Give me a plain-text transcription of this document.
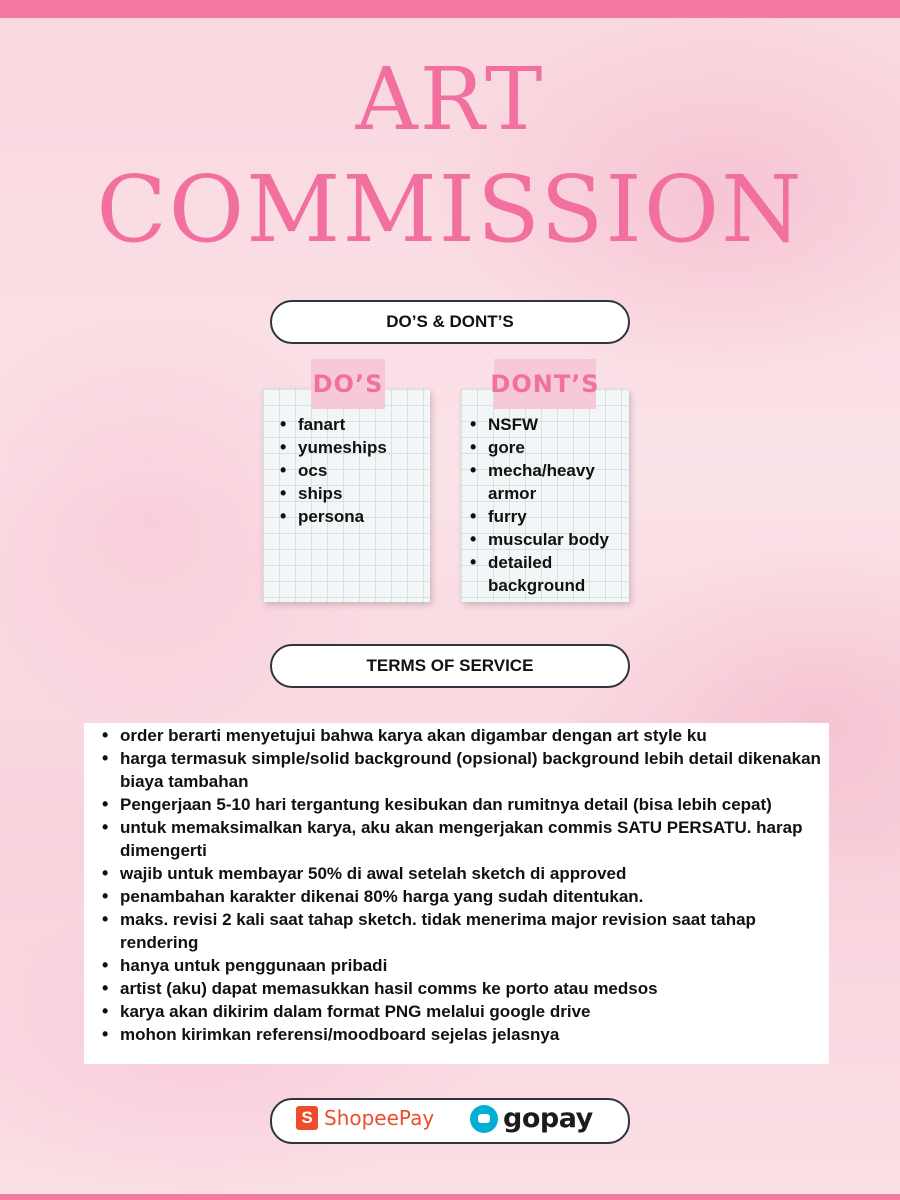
ART
COMMISSION
DO’S & DONT’S
DO’S	DONT’S
• fanart
• yumeships
• ocs
• ships
• persona
• NSFW
• gore
• mecha/heavy armor
• furry
• muscular body
• detailed background
TERMS OF SERVICE
• order berarti menyetujui bahwa karya akan digambar dengan art style ku
• harga termasuk simple/solid background (opsional) background lebih detail dikenakan biaya tambahan
• Pengerjaan 5-10 hari tergantung kesibukan dan rumitnya detail (bisa lebih cepat)
• untuk memaksimalkan karya, aku akan mengerjakan commis SATU PERSATU. harap dimengerti
• wajib untuk membayar 50% di awal setelah sketch di approved
• penambahan karakter dikenai 80% harga yang sudah ditentukan.
• maks. revisi 2 kali saat tahap sketch. tidak menerima major revision saat tahap rendering
• hanya untuk penggunaan pribadi
• artist (aku) dapat memasukkan hasil comms ke porto atau medsos
• karya akan dikirim dalam format PNG melalui google drive
• mohon kirimkan referensi/moodboard sejelas jelasnya
S ShopeePay	gopay
